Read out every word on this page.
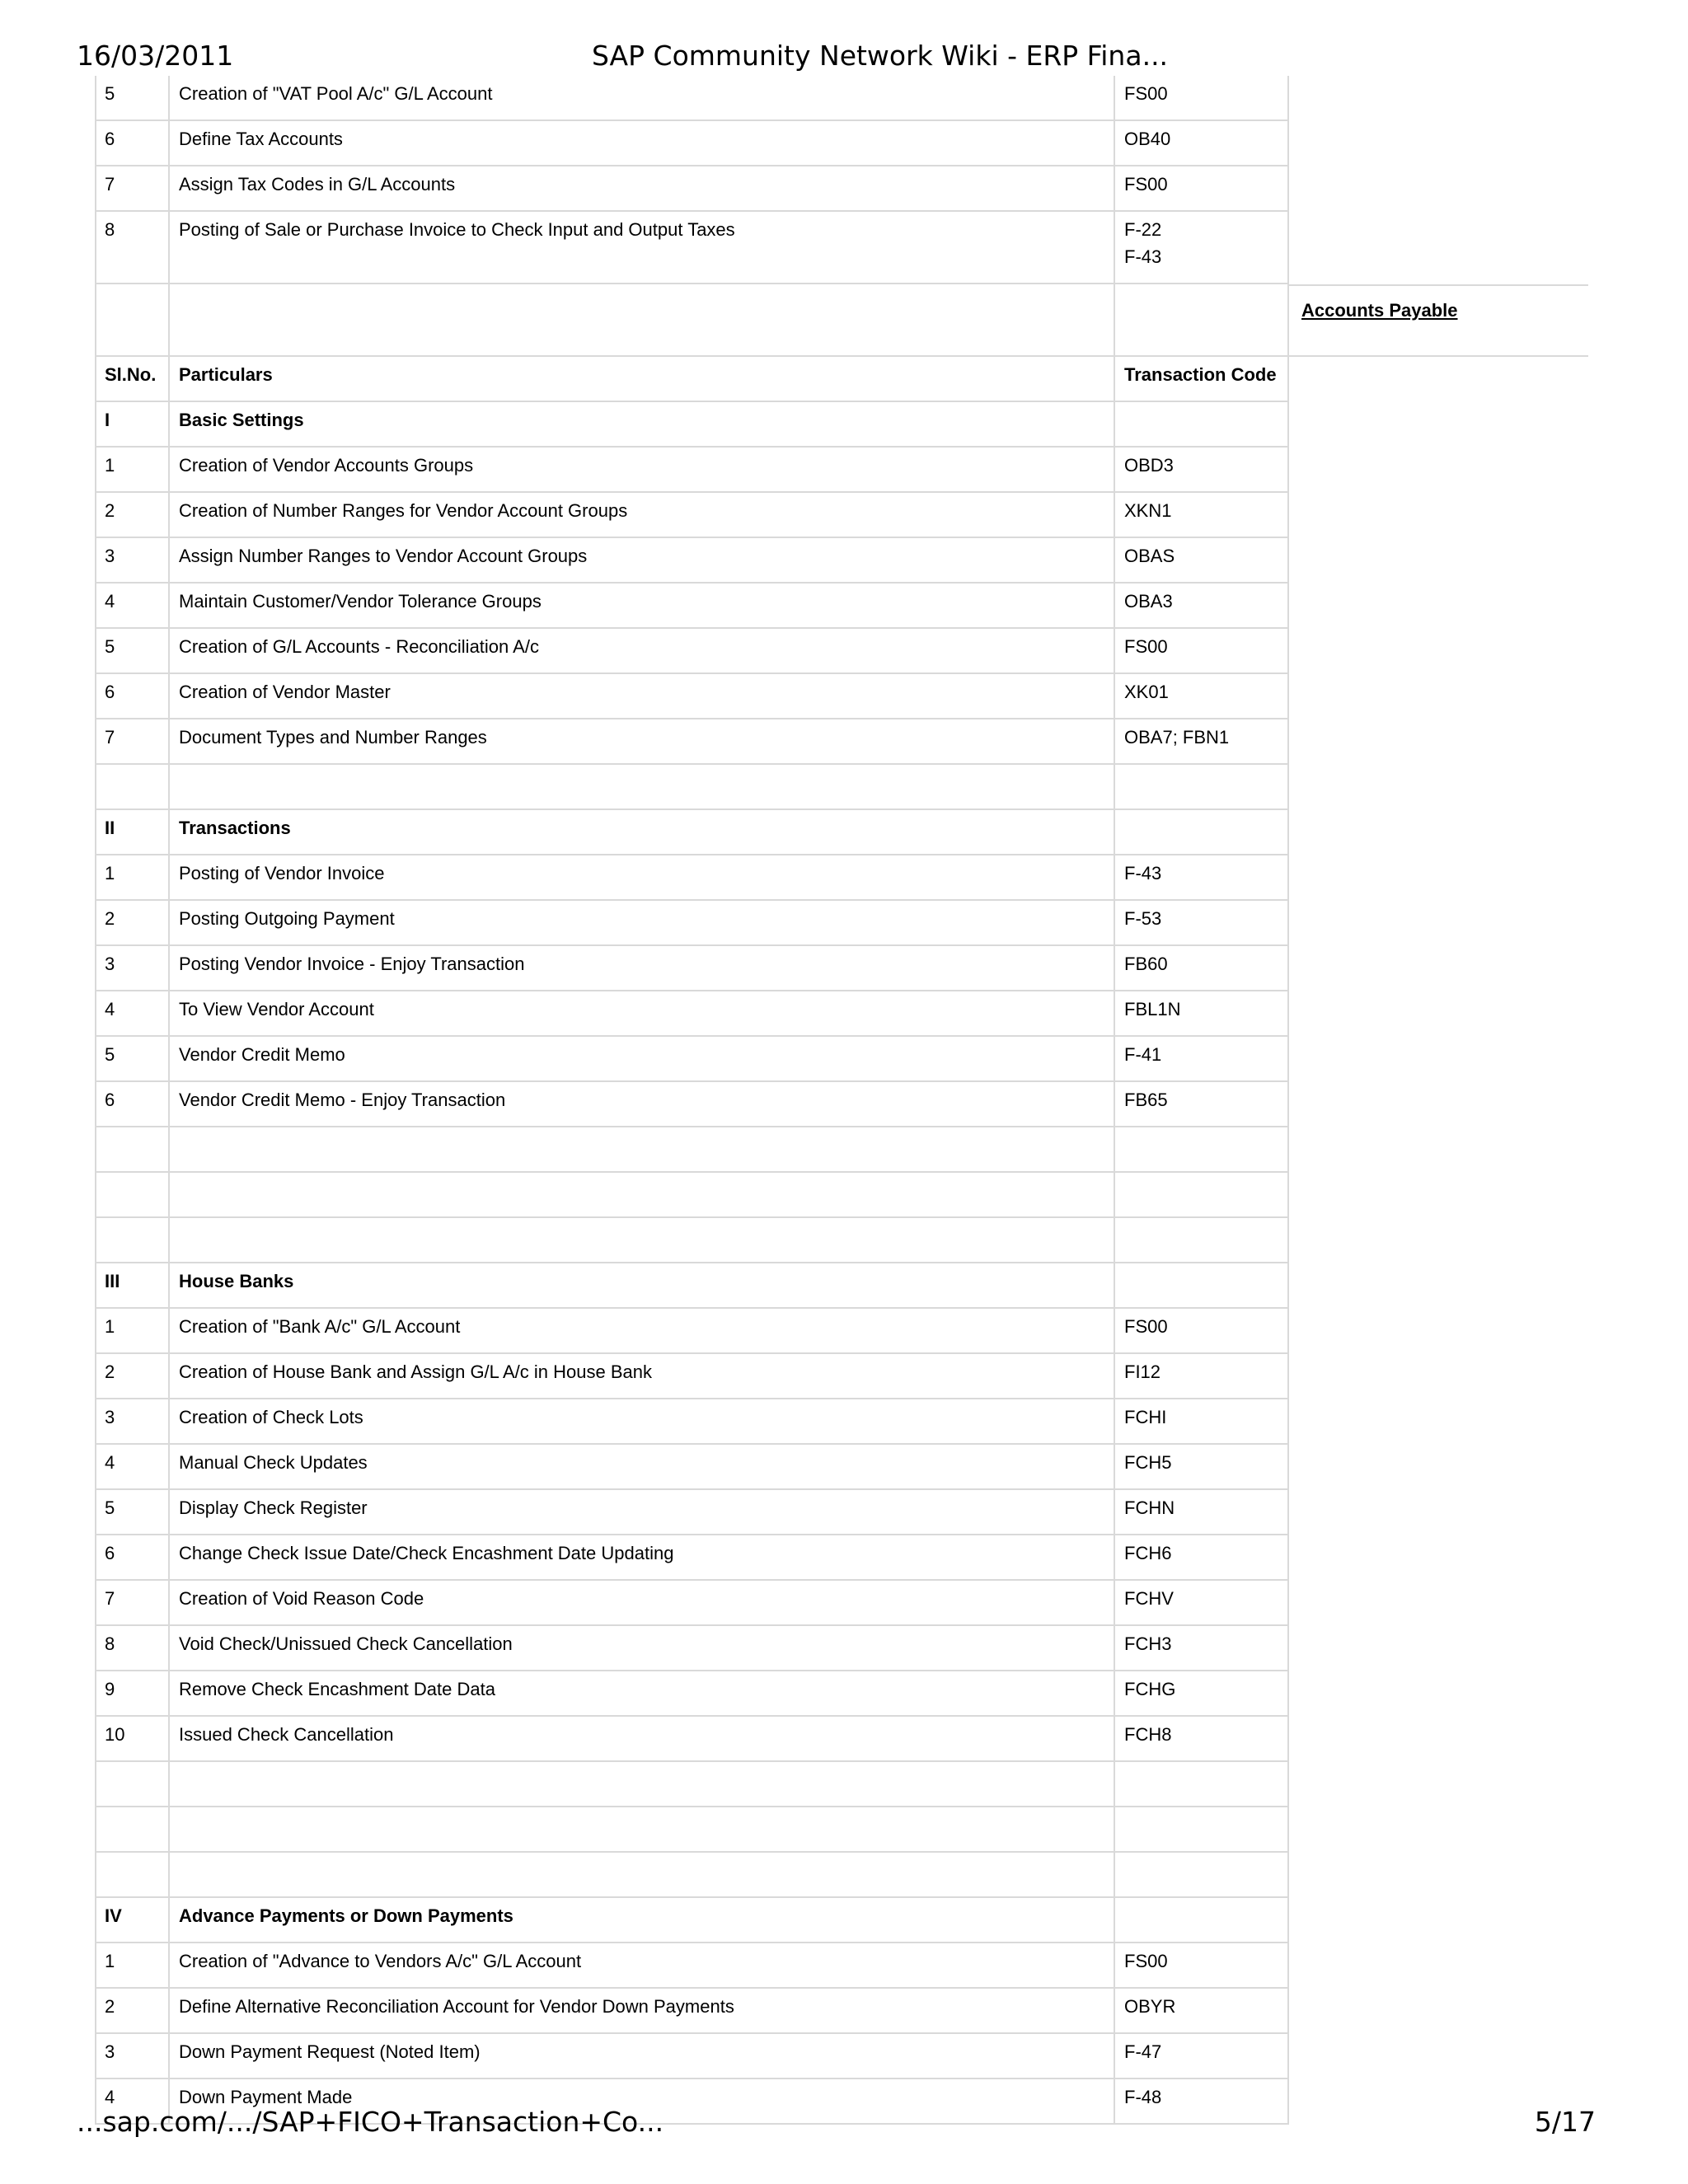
16/03/2011	SAP Community Network Wiki - ERP Fina...
5	Creation of "VAT Pool A/c" G/L Account	FS00
6	Define Tax Accounts	OB40
7	Assign Tax Codes in G/L Accounts	FS00
8	Posting of Sale or Purchase Invoice to Check Input and Output Taxes	F-22
F-43
Accounts Payable
Sl.No.	Particulars	Transaction Code
I	Basic Settings
1	Creation of Vendor Accounts Groups	OBD3
2	Creation of Number Ranges for Vendor Account Groups	XKN1
3	Assign Number Ranges to Vendor Account Groups	OBAS
4	Maintain Customer/Vendor Tolerance Groups	OBA3
5	Creation of G/L Accounts - Reconciliation A/c	FS00
6	Creation of Vendor Master	XK01
7	Document Types and Number Ranges	OBA7; FBN1
II	Transactions
1	Posting of Vendor Invoice	F-43
2	Posting Outgoing Payment	F-53
3	Posting Vendor Invoice - Enjoy Transaction	FB60
4	To View Vendor Account	FBL1N
5	Vendor Credit Memo	F-41
6	Vendor Credit Memo - Enjoy Transaction	FB65
III	House Banks
1	Creation of "Bank A/c" G/L Account	FS00
2	Creation of House Bank and Assign G/L A/c in House Bank	FI12
3	Creation of Check Lots	FCHI
4	Manual Check Updates	FCH5
5	Display Check Register	FCHN
6	Change Check Issue Date/Check Encashment Date Updating	FCH6
7	Creation of Void Reason Code	FCHV
8	Void Check/Unissued Check Cancellation	FCH3
9	Remove Check Encashment Date Data	FCHG
10	Issued Check Cancellation	FCH8
IV	Advance Payments or Down Payments
1	Creation of "Advance to Vendors A/c" G/L Account	FS00
2	Define Alternative Reconciliation Account for Vendor Down Payments	OBYR
3	Down Payment Request (Noted Item)	F-47
4	Down Payment Made	F-48
...sap.com/.../SAP+FICO+Transaction+Co...	5/17
